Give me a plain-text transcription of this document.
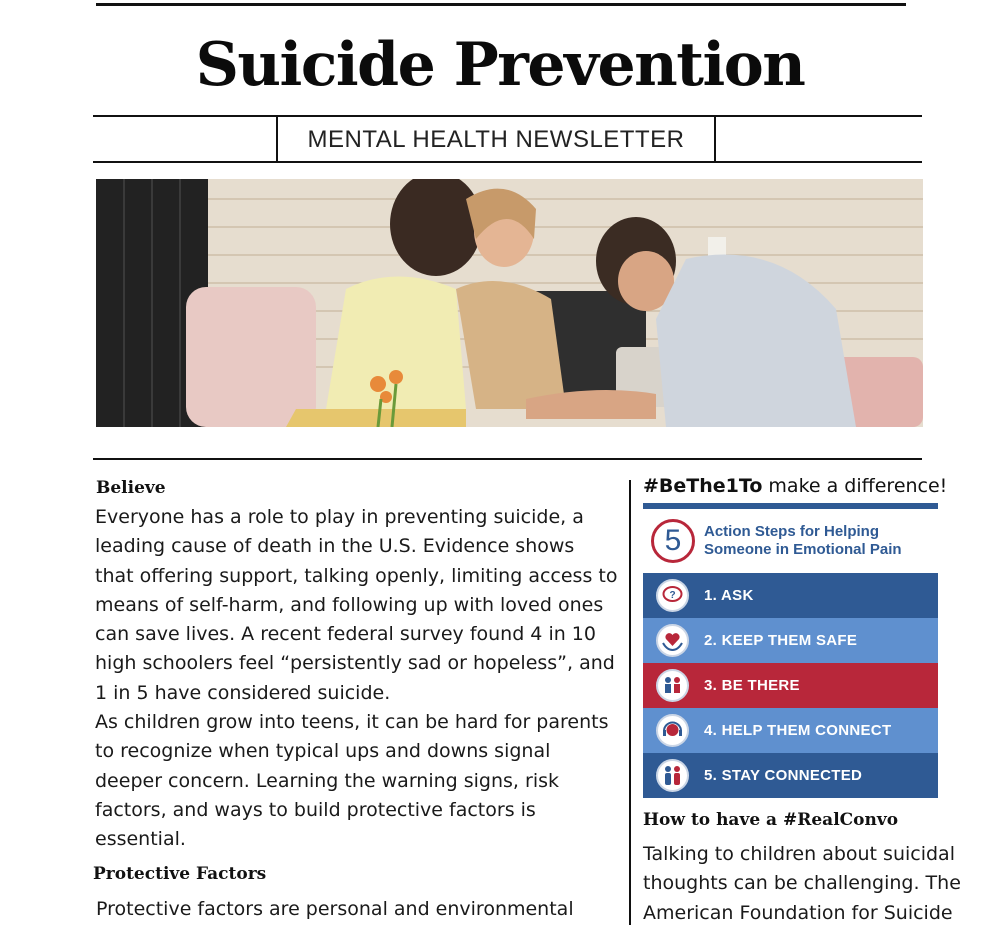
Suicide Prevention
MENTAL HEALTH NEWSLETTER
Believe
Everyone has a role to play in preventing suicide, a
leading cause of death in the U.S. Evidence shows
that offering support, talking openly, limiting access to
means of self-harm, and following up with loved ones
can save lives. A recent federal survey found 4 in 10
high schoolers feel “persistently sad or hopeless”, and
1 in 5 have considered suicide.
As children grow into teens, it can be hard for parents
to recognize when typical ups and downs signal
deeper concern. Learning the warning signs, risk
factors, and ways to build protective factors is
essential.
Protective Factors
Protective factors are personal and environmental
#BeThe1To make a difference!
5	Action Steps for Helping
Someone in Emotional Pain
? 1. ASK
2. KEEP THEM SAFE
3. BE THERE
4. HELP THEM CONNECT
5. STAY CONNECTED
How to have a #RealConvo
Talking to children about suicidal
thoughts can be challenging. The
American Foundation for Suicide
